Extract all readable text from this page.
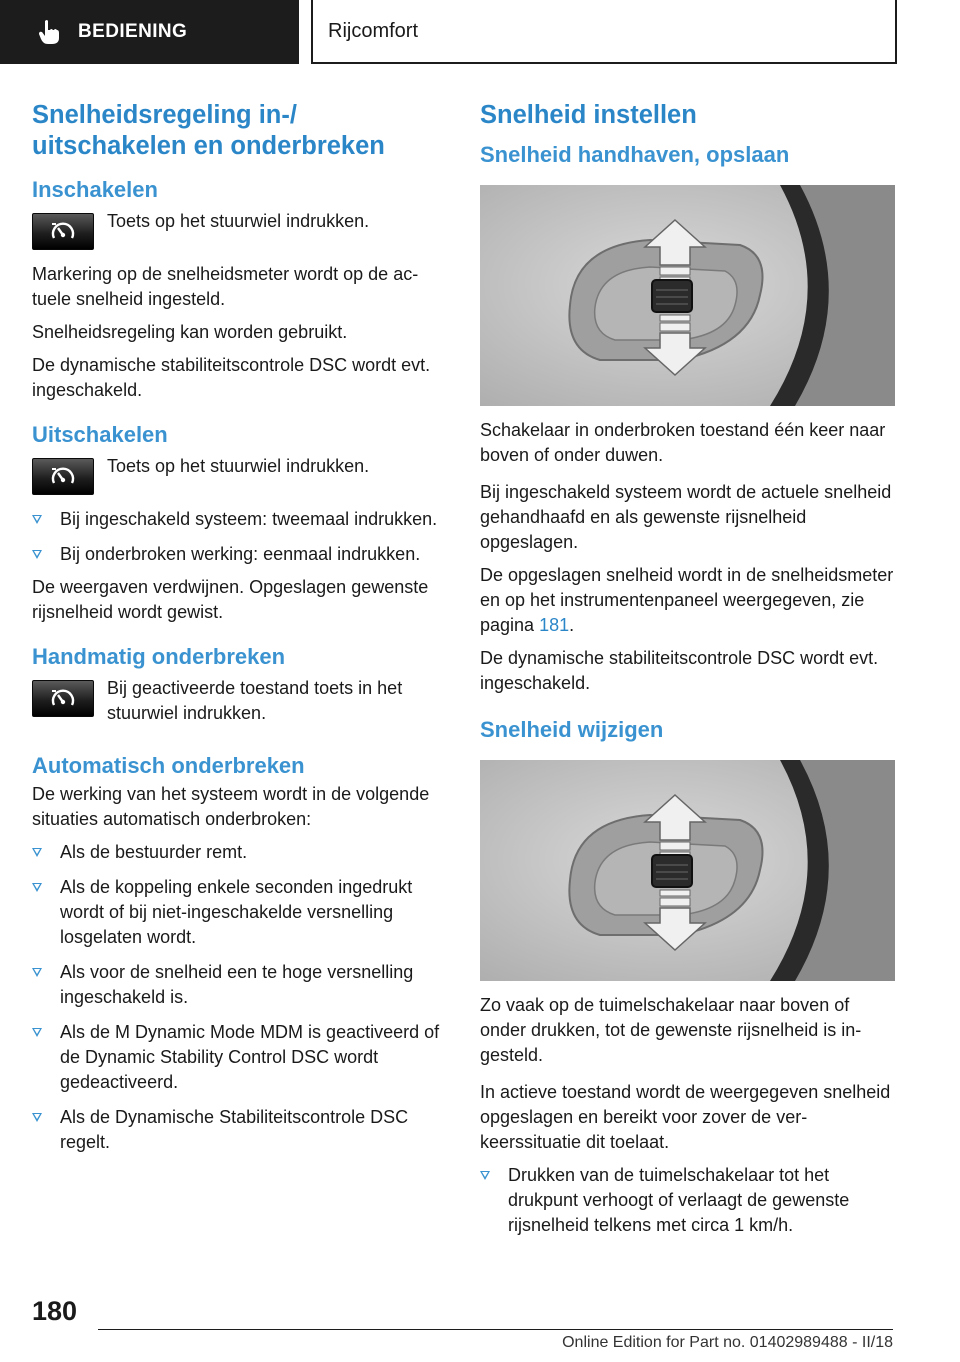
BEDIENING	Rijcomfort
Snelheidsregeling in-/ uitschakelen en onderbreken
Inschakelen

Toets op het stuurwiel indrukken.

Markering op de snelheidsmeter wordt op de actuele snelheid ingesteld.

Snelheidsregeling kan worden gebruikt.

De dynamische stabiliteitscontrole DSC wordt evt. ingeschakeld.

Uitschakelen

Toets op het stuurwiel indrukken.

Bij ingeschakeld systeem: tweemaal indrukken.
Bij onderbroken werking: eenmaal indrukken.

De weergaven verdwijnen. Opgeslagen gewenste rijsnelheid wordt gewist.

Handmatig onderbreken

Bij geactiveerde toestand toets in het stuurwiel indrukken.

Automatisch onderbreken

De werking van het systeem wordt in de volgende situaties automatisch onderbroken:

Als de bestuurder remt.
Als de koppeling enkele seconden ingedrukt wordt of bij niet-ingeschakelde versnelling losgelaten wordt.
Als voor de snelheid een te hoge versnelling ingeschakeld is.
Als de M Dynamic Mode MDM is geactiveerd of de Dynamic Stability Control DSC wordt gedeactiveerd.
Als de Dynamische Stabiliteitscontrole DSC regelt.
Snelheid instellen
Snelheid handhaven, opslaan

Schakelaar in onderbroken toestand één keer naar boven of onder duwen.

Bij ingeschakeld systeem wordt de actuele snelheid gehandhaafd en als gewenste rijsnelheid opgeslagen.

De opgeslagen snelheid wordt in de snelheidsmeter en op het instrumentenpaneel weergegeven, zie pagina 181.

De dynamische stabiliteitscontrole DSC wordt evt. ingeschakeld.

Snelheid wijzigen

Zo vaak op de tuimelschakelaar naar boven of onder drukken, tot de gewenste rijsnelheid is ingesteld.

In actieve toestand wordt de weergegeven snelheid opgeslagen en bereikt voor zover de verkeerssituatie dit toelaat.

Drukken van de tuimelschakelaar tot het drukpunt verhoogt of verlaagt de gewenste rijsnelheid telkens met circa 1 km/h.
180
Online Edition for Part no. 01402989488 - II/18
